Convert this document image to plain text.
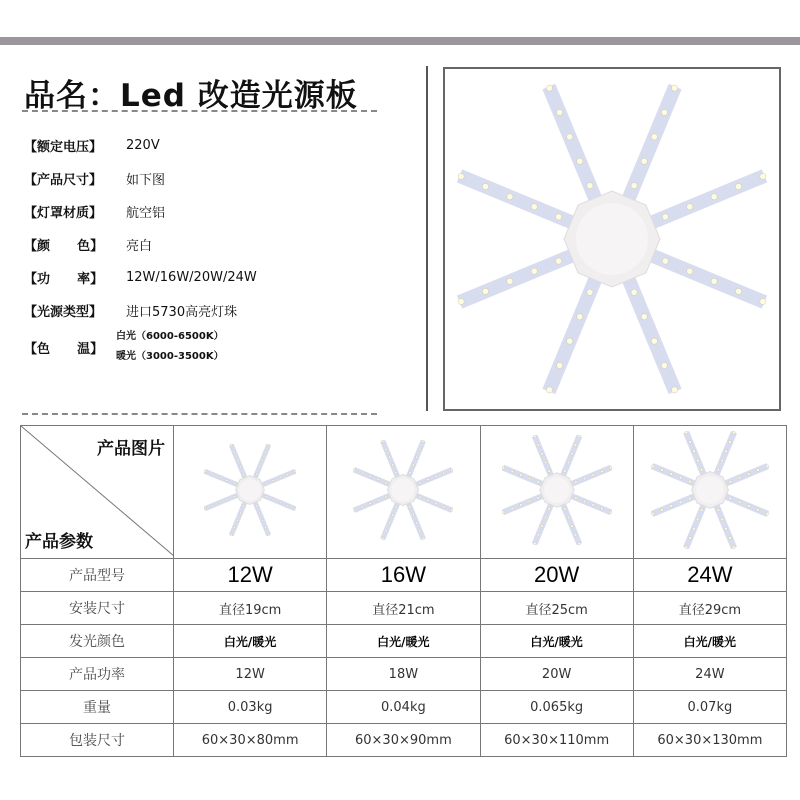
品名：Led 改造光源板
【额定电压】	220V
【产品尺寸】	如下图
【灯罩材质】	航空铝
【颜      色】	亮白
【功      率】	12W/16W/20W/24W
【光源类型】	进口5730高亮灯珠
【色      温】
白光（6000-6500K）
暖光（3000-3500K）
产品图片
产品参数

产品型号	12W	16W	20W	24W
安装尺寸	直径19cm	直径21cm	直径25cm	直径29cm
发光颜色	白光/暖光	白光/暖光	白光/暖光	白光/暖光
产品功率	12W	18W	20W	24W
重量	0.03kg	0.04kg	0.065kg	0.07kg
包装尺寸	60×30×80mm	60×30×90mm	60×30×110mm	60×30×130mm
